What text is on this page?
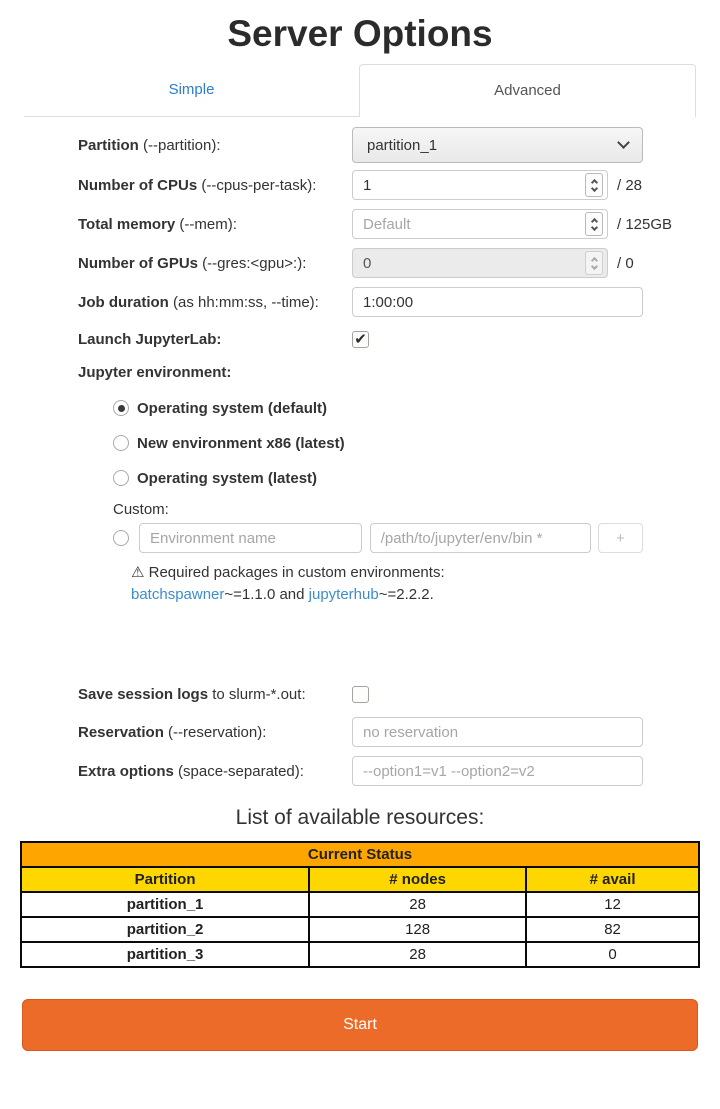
Server Options
Simple	Advanced
Partition (--partition):	partition_1
Number of CPUs (--cpus-per-task):
1	/ 28
Total memory (--mem):
Default	/ 125GB
Number of GPUs (--gres:<gpu>:):
0	/ 0
Job duration (as hh:mm:ss, --time):
1:00:00
Launch JupyterLab:	✔
Jupyter environment:
Operating system (default)
New environment x86 (latest)
Operating system (latest)
Custom:
Environment name
/path/to/jupyter/env/bin *
+
⚠ Required packages in custom environments:
batchspawner~=1.1.0 and jupyterhub~=2.2.2.
Save session logs to slurm-*.out:
Reservation (--reservation):
no reservation
Extra options (space-separated):
--option1=v1 --option2=v2
List of available resources:
Current Status		
Partition	# nodes	# avail
partition_1	28	12
partition_2	128	82
partition_3	28	0
Start
